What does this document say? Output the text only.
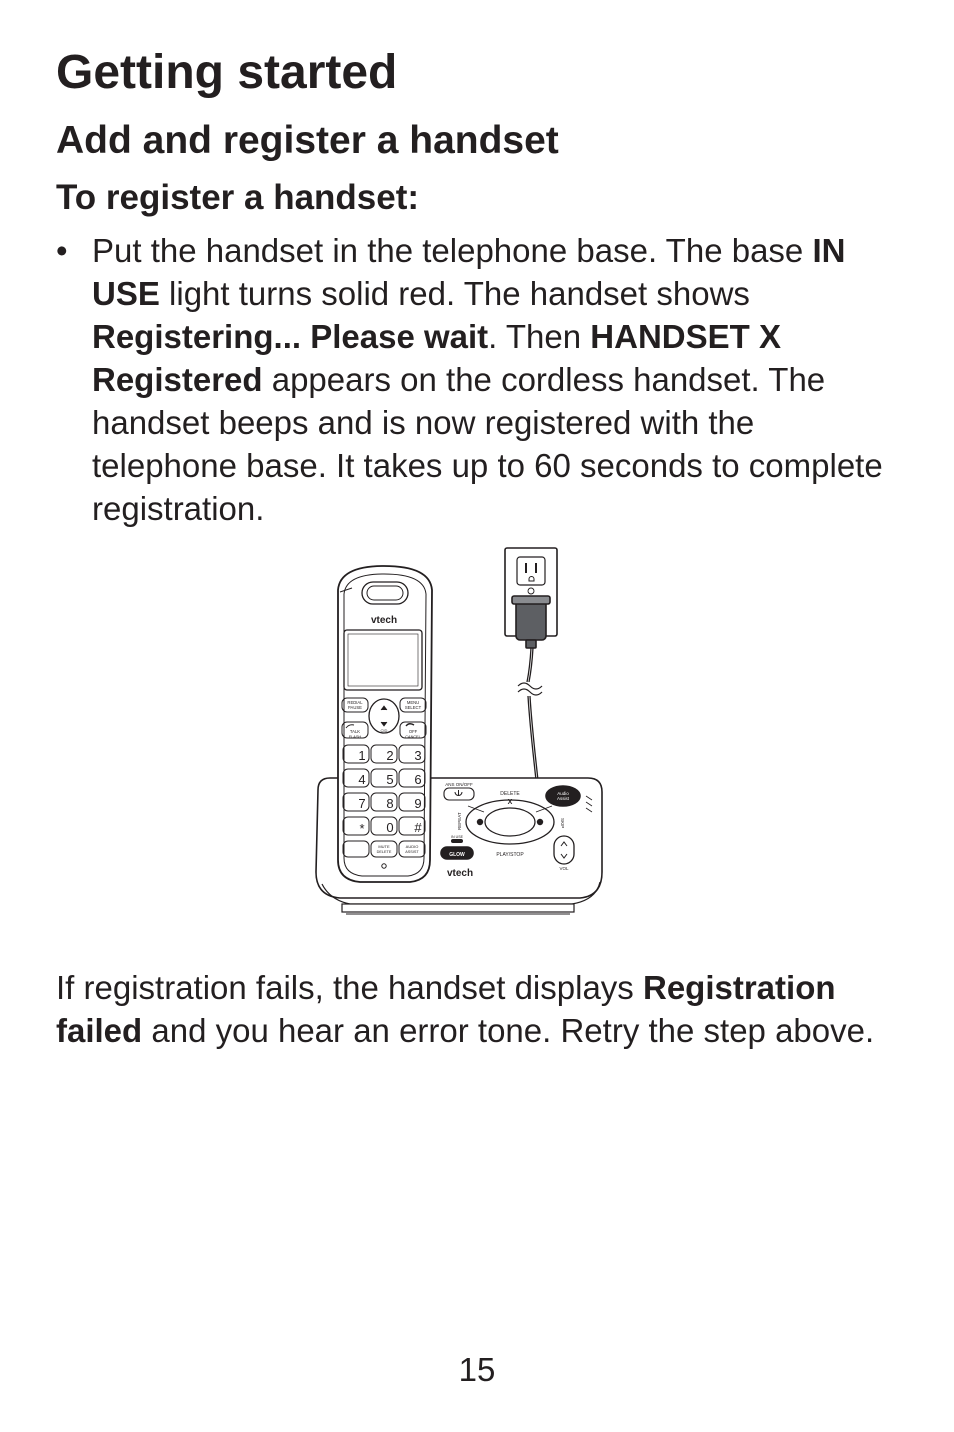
Getting started
Add and register a handset
To register a handset:
• Put the handset in the telephone base. The base IN USE light turns solid red. The handset shows Registering... Please wait. Then HANDSET X Registered appears on the cordless handset. The handset beeps and is now registered with the telephone base. It takes up to 60 seconds to complete registration.
vtech
REDIAL
PAUSE
MENU
SELECT
TALK
FLASH
OFF
CANCEL
CID
1 2 3
4 5 6
7 8 9
* 0 #
MUTE
DELETE
AUDIO
ASSIST
ANS ON/OFF
DELETE
X
Audio
Assist
GLOW	PLAY/STOP
IN USE
REPEAT	SKIP
VOL
vtech
If registration fails, the handset displays Registration failed and you hear an error tone. Retry the step above.
15
